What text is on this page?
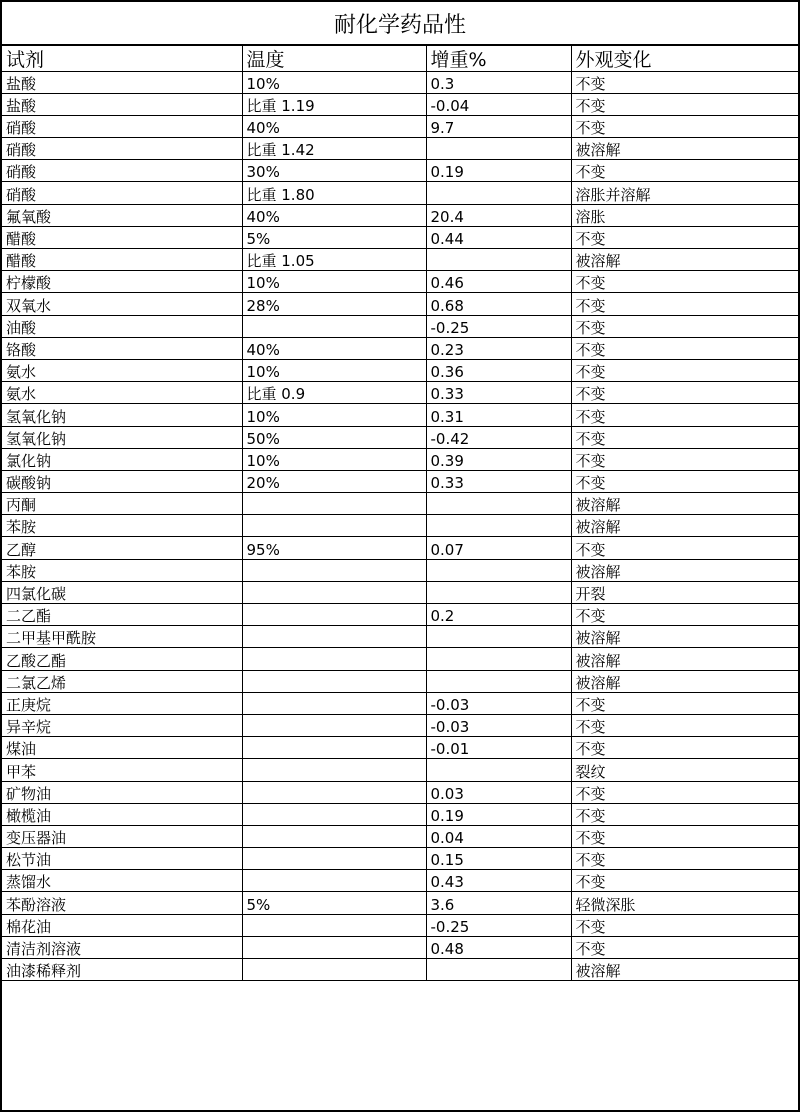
耐化学药品性
试剂	温度	增重%	外观变化
盐酸	10%	0.3	不变
盐酸	比重 1.19	-0.04	不变
硝酸	40%	9.7	不变
硝酸	比重 1.42		被溶解
硝酸	30%	0.19	不变
硝酸	比重 1.80		溶胀并溶解
氟氧酸	40%	20.4	溶胀
醋酸	5%	0.44	不变
醋酸	比重 1.05		被溶解
柠檬酸	10%	0.46	不变
双氧水	28%	0.68	不变
油酸		-0.25	不变
铬酸	40%	0.23	不变
氨水	10%	0.36	不变
氨水	比重 0.9	0.33	不变
氢氧化钠	10%	0.31	不变
氢氧化钠	50%	-0.42	不变
氯化钠	10%	0.39	不变
碳酸钠	20%	0.33	不变
丙酮			被溶解
苯胺			被溶解
乙醇	95%	0.07	不变
苯胺			被溶解
四氯化碳			开裂
二乙酯		0.2	不变
二甲基甲酰胺			被溶解
乙酸乙酯			被溶解
二氯乙烯			被溶解
正庚烷		-0.03	不变
异辛烷		-0.03	不变
煤油		-0.01	不变
甲苯			裂纹
矿物油		0.03	不变
橄榄油		0.19	不变
变压器油		0.04	不变
松节油		0.15	不变
蒸馏水		0.43	不变
苯酚溶液	5%	3.6	轻微深胀
棉花油		-0.25	不变
清洁剂溶液		0.48	不变
油漆稀释剂			被溶解
